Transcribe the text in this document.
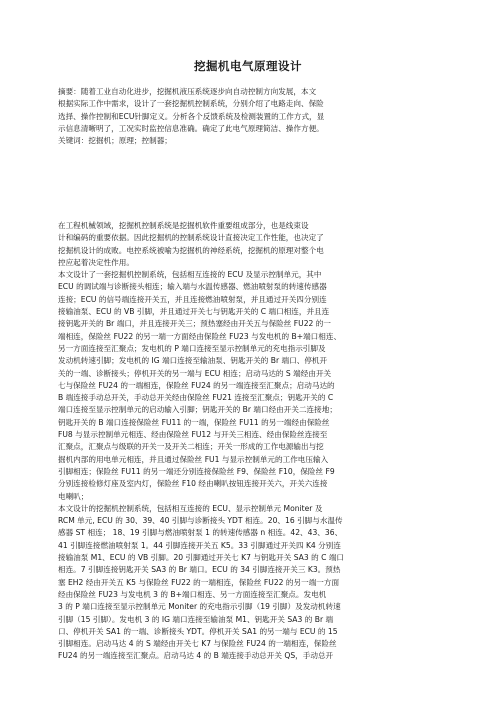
挖掘机电气原理设计
摘要：随着工业自动化进步，挖掘机液压系统逐步向自动控制方向发展，本文
根据实际工作中需求，设计了一套挖掘机控制系统，分别介绍了电路走向、保险
选择、操作控制和ECU针脚定义。分析各个反馈系统及检测装置的工作方式，显
示信息清晰明了，工况实时监控信息准确。确定了此电气原理简洁、操作方便。
关键词：挖掘机；原理；控制器；
在工程机械领域，挖掘机控制系统是挖掘机软件重要组成部分，也是线束设
计和编码的重要依据。因此挖掘机的控制系统设计直接决定工作性能，也决定了
挖掘机设计的成败。电控系统被喻为挖掘机的神经系统，挖掘机的原理对整个电
控应起着决定性作用。
本文设计了一套挖掘机控制系统，包括相互连接的 ECU 及显示控制单元，其中
ECU 的调试端与诊断接头相连；输入端与水温传感器、燃油喷射泵的转速传感器
连接；ECU 的信号端连接开关五，并且连接燃油喷射泵，并且通过开关四分别连
接输油泵、ECU 的 VB 引脚，并且通过开关七与钥匙开关的 C 端口相连，并且连
接钥匙开关的 Br 端口，并且连接开关三；预热塞经由开关五与保险丝 FU22 的一
端相连，保险丝 FU22 的另一端一方面经由保险丝 FU23 与发电机的 B+端口相连、
另一方面连接至汇聚点；发电机的 P 端口连接至显示控制单元的充电指示引脚及
发动机转速引脚；发电机的 IG 端口连接至输油泵、钥匙开关的 Br 端口、停机开
关的一端、诊断接头；停机开关的另一端与 ECU 相连；启动马达的 S 端经由开关
七与保险丝 FU24 的一端相连，保险丝 FU24 的另一端连接至汇聚点；启动马达的
B 端连接手动总开关，手动总开关经由保险丝 FU21 连接至汇聚点；钥匙开关的 C
端口连接至显示控制单元的启动输入引脚；钥匙开关的 Br 端口经由开关二连接地；
钥匙开关的 B 端口连接保险丝 FU11 的一端，保险丝 FU11 的另一端经由保险丝
FU8 与显示控制单元相连、经由保险丝 FU12 与开关三相连、经由保险丝连接至
汇聚点，汇聚点与级联的开关一及开关二相连；开关一形成的工作电源输出与挖
掘机内部的用电单元相连，并且通过保险丝 FU1 与显示控制单元的工作电压输入
引脚相连；保险丝 FU11 的另一端还分别连接保险丝 F9、保险丝 F10，保险丝 F9
分别连接检修灯座及室内灯，保险丝 F10 经由喇叭按钮连接开关六，开关六连接
电喇叭；
本文设计的挖掘机控制系统，包括相互连接的 ECU、显示控制单元 Moniter 及
RCM 单元, ECU 的 30、39、40 引脚与诊断接头 YDT 相连。20、16 引脚与水温传
感器 ST 相连； 18、19 引脚与燃油喷射泵 1 的转速传感器 n 相连。42、43、36、
41 引脚连接燃油喷射泵 1。44 引脚连接开关五 K5。33 引脚通过开关四 K4 分别连
接输油泵 M1、ECU 的 VB 引脚。20 引脚通过开关七 K7 与钥匙开关 SA3 的 C 端口
相连。7 引脚连接钥匙开关 SA3 的 Br 端口。ECU 的 34 引脚连接开关三 K3。预热
塞 EH2 经由开关五 K5 与保险丝 FU22 的一端相连，保险丝 FU22 的另一端一方面
经由保险丝 FU23 与发电机 3 的 B+端口相连、另一方面连接至汇聚点。发电机
3 的 P 端口连接至显示控制单元 Moniter 的充电指示引脚（19 引脚）及发动机转速
引脚（15 引脚）。发电机 3 的 IG 端口连接至输油泵 M1、钥匙开关 SA3 的 Br 端
口、停机开关 SA1 的一端、诊断接头 YDT。停机开关 SA1 的另一端与 ECU 的 15
引脚相连。启动马达 4 的 S 端经由开关七 K7 与保险丝 FU24 的一端相连，保险丝
FU24 的另一端连接至汇聚点。启动马达 4 的 B 端连接手动总开关 QS，手动总开
